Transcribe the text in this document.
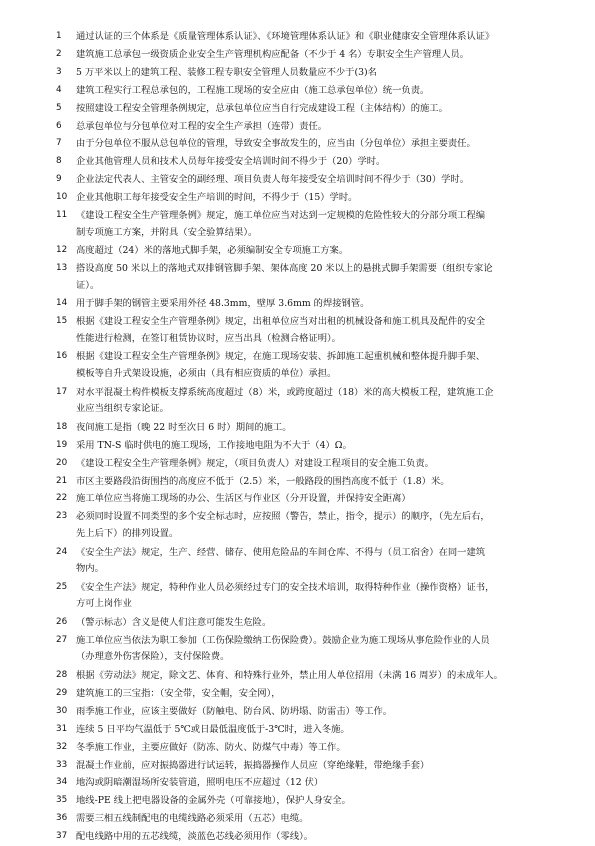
1	通过认证的三个体系是《质量管理体系认证》、《环境管理体系认证》和《职业健康安全管理体系认证》
2	建筑施工总承包一级资质企业安全生产管理机构应配备（不少于 4 名）专职安全生产管理人员。
3	5 万平米以上的建筑工程、装修工程专职安全管理人员数量应不少于(3)名
4	建筑工程实行工程总承包的，工程施工现场的安全应由（施工总承包单位）统一负责。
5	按照建设工程安全管理条例规定，总承包单位应当自行完成建设工程（主体结构）的施工。
6	总承包单位与分包单位对工程的安全生产承担（连带）责任。
7	由于分包单位不服从总包单位的管理，导致安全事故发生的，应当由（分包单位）承担主要责任。
8	企业其他管理人员和技术人员每年接受安全培训时间不得少于（20）学时。
9	企业法定代表人、主管安全的副经理、项目负责人每年接受安全培训时间不得少于（30）学时。
10 企业其他职工每年接受安全生产培训的时间，不得少于（15）学时。
11 《建设工程安全生产管理条例》规定，施工单位应当对达到一定规模的危险性较大的分部分项工程编
制专项施工方案，并附具（安全验算结果）。
12 高度超过（24）米的落地式脚手架，必须编制安全专项施工方案。
13 搭设高度 50 米以上的落地式双排钢管脚手架、架体高度 20 米以上的悬挑式脚手架需要（组织专家论
证）。
14 用于脚手架的钢管主要采用外径 48.3mm，壁厚 3.6mm 的焊接钢管。
15 根据《建设工程安全生产管理条例》规定，出租单位应当对出租的机械设备和施工机具及配件的安全
性能进行检测，在签订租赁协议时，应当出具（检测合格证明）。
16 根据《建设工程安全生产管理条例》规定，在施工现场安装、拆卸施工起重机械和整体提升脚手架、
模板等自升式架设设施，必须由（具有相应资质的单位）承担。
17 对水平混凝土构件模板支撑系统高度超过（8）米，或跨度超过（18）米的高大模板工程，建筑施工企
业应当组织专家论证。
18 夜间施工是指（晚 22 时至次日 6 时）期间的施工。
19 采用 TN-S 临时供电的施工现场，工作接地电阻为不大于（4）Ω。
20 《建设工程安全生产管理条例》规定，（项目负责人）对建设工程项目的安全施工负责。
21 市区主要路段沿街围挡的高度应不低于（2.5）米，一般路段的围挡高度不低于（1.8）米。
22 施工单位应当将施工现场的办公、生活区与作业区（分开设置，并保持安全距离）
23 必须同时设置不同类型的多个安全标志时，应按照（警告，禁止，指令，提示）的顺序，（先左后右，
先上后下）的排列设置。
24 《安全生产法》规定，生产、经营、储存、使用危险品的车间仓库、不得与（员工宿舍）在同一建筑
物内。
25 《安全生产法》规定，特种作业人员必须经过专门的安全技术培训，取得特种作业（操作资格）证书，
方可上岗作业
26 （警示标志）含义是使人们注意可能发生危险。
27 施工单位应当依法为职工参加（工伤保险缴纳工伤保险费）。鼓励企业为施工现场从事危险作业的人员
（办理意外伤害保险），支付保险费。
28 根据《劳动法》规定，除文艺、体育、和特殊行业外，禁止用人单位招用（未满 16 周岁）的未成年人。
29 建筑施工的三宝指：（安全带，安全帽，安全网），
30 雨季施工作业，应该主要做好（防触电、防台风、防坍塌、防雷击）等工作。
31 连续 5 日平均气温低于 5℃或日最低温度低于-3℃时，进入冬施。
32 冬季施工作业，主要应做好（防冻、防火、防煤气中毒）等工作。
33 混凝土作业前，应对振捣器进行试运转，振捣器操作人员应（穿绝缘鞋，带绝缘手套）
34 地沟或阴暗潮湿场所安装管道，照明电压不应超过（12 伏）
35 地线-PE 线上把电器设备的金属外壳（可靠接地），保护人身安全。
36 需要三相五线制配电的电缆线路必须采用（五芯）电缆。
37 配电线路中用的五芯线缆，淡蓝色芯线必须用作（零线）。
